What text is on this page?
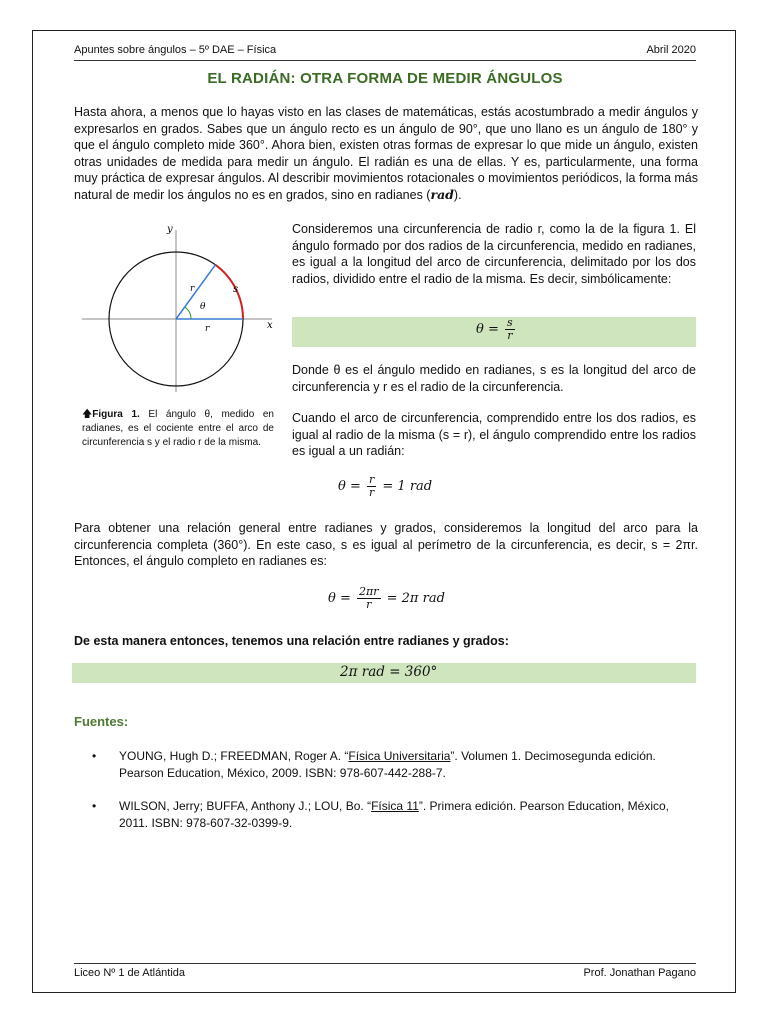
Apuntes sobre ángulos – 5º DAE – Física	Abril 2020
EL RADIÁN: OTRA FORMA DE MEDIR ÁNGULOS

Hasta ahora, a menos que lo hayas visto en las clases de matemáticas, estás acostumbrado a medir ángulos y expresarlos en grados. Sabes que un ángulo recto es un ángulo de 90°, que uno llano es un ángulo de 180° y que el ángulo completo mide 360°. Ahora bien, existen otras formas de expresar lo que mide un ángulo, existen otras unidades de medida para medir un ángulo. El radián es una de ellas. Y es, particularmente, una forma muy práctica de expresar ángulos. Al describir movimientos rotacionales o movimientos periódicos, la forma más natural de medir los ángulos no es en grados, sino en radianes (rad).

y
x
r
r
s
θ

🡅Figura 1. El ángulo θ, medido en radianes, es el cociente entre el arco de circunferencia s y el radio r de la misma.

Consideremos una circunferencia de radio r, como la de la figura 1. El ángulo formado por dos radios de la circunferencia, medido en radianes, es igual a la longitud del arco de circunferencia, delimitado por los dos radios, dividido entre el radio de la misma. Es decir, simbólicamente:

$\theta = \frac{s}{r}$

Donde θ es el ángulo medido en radianes, s es la longitud del arco de circunferencia y r es el radio de la circunferencia.

Cuando el arco de circunferencia, comprendido entre los dos radios, es igual al radio de la misma (s = r), el ángulo comprendido entre los radios es igual a un radián:

$\theta = \frac{r}{r} = 1$ rad

Para obtener una relación general entre radianes y grados, consideremos la longitud del arco para la circunferencia completa (360°). En este caso, s es igual al perímetro de la circunferencia, es decir, s = 2πr. Entonces, el ángulo completo en radianes es:

$\theta = \frac{2\pi r}{r} = 2\pi$ rad

De esta manera entonces, tenemos una relación entre radianes y grados:

2π rad = 360°
Fuentes:

•	YOUNG, Hugh D.; FREEDMAN, Roger A. “Física Universitaria”. Volumen 1. Decimosegunda edición. Pearson Education, México, 2009. ISBN: 978-607-442-288-7.

•	WILSON, Jerry; BUFFA, Anthony J.; LOU, Bo. “Física 11”. Primera edición. Pearson Education, México, 2011. ISBN: 978-607-32-0399-9.

Liceo Nº 1 de Atlántida	Prof. Jonathan Pagano
